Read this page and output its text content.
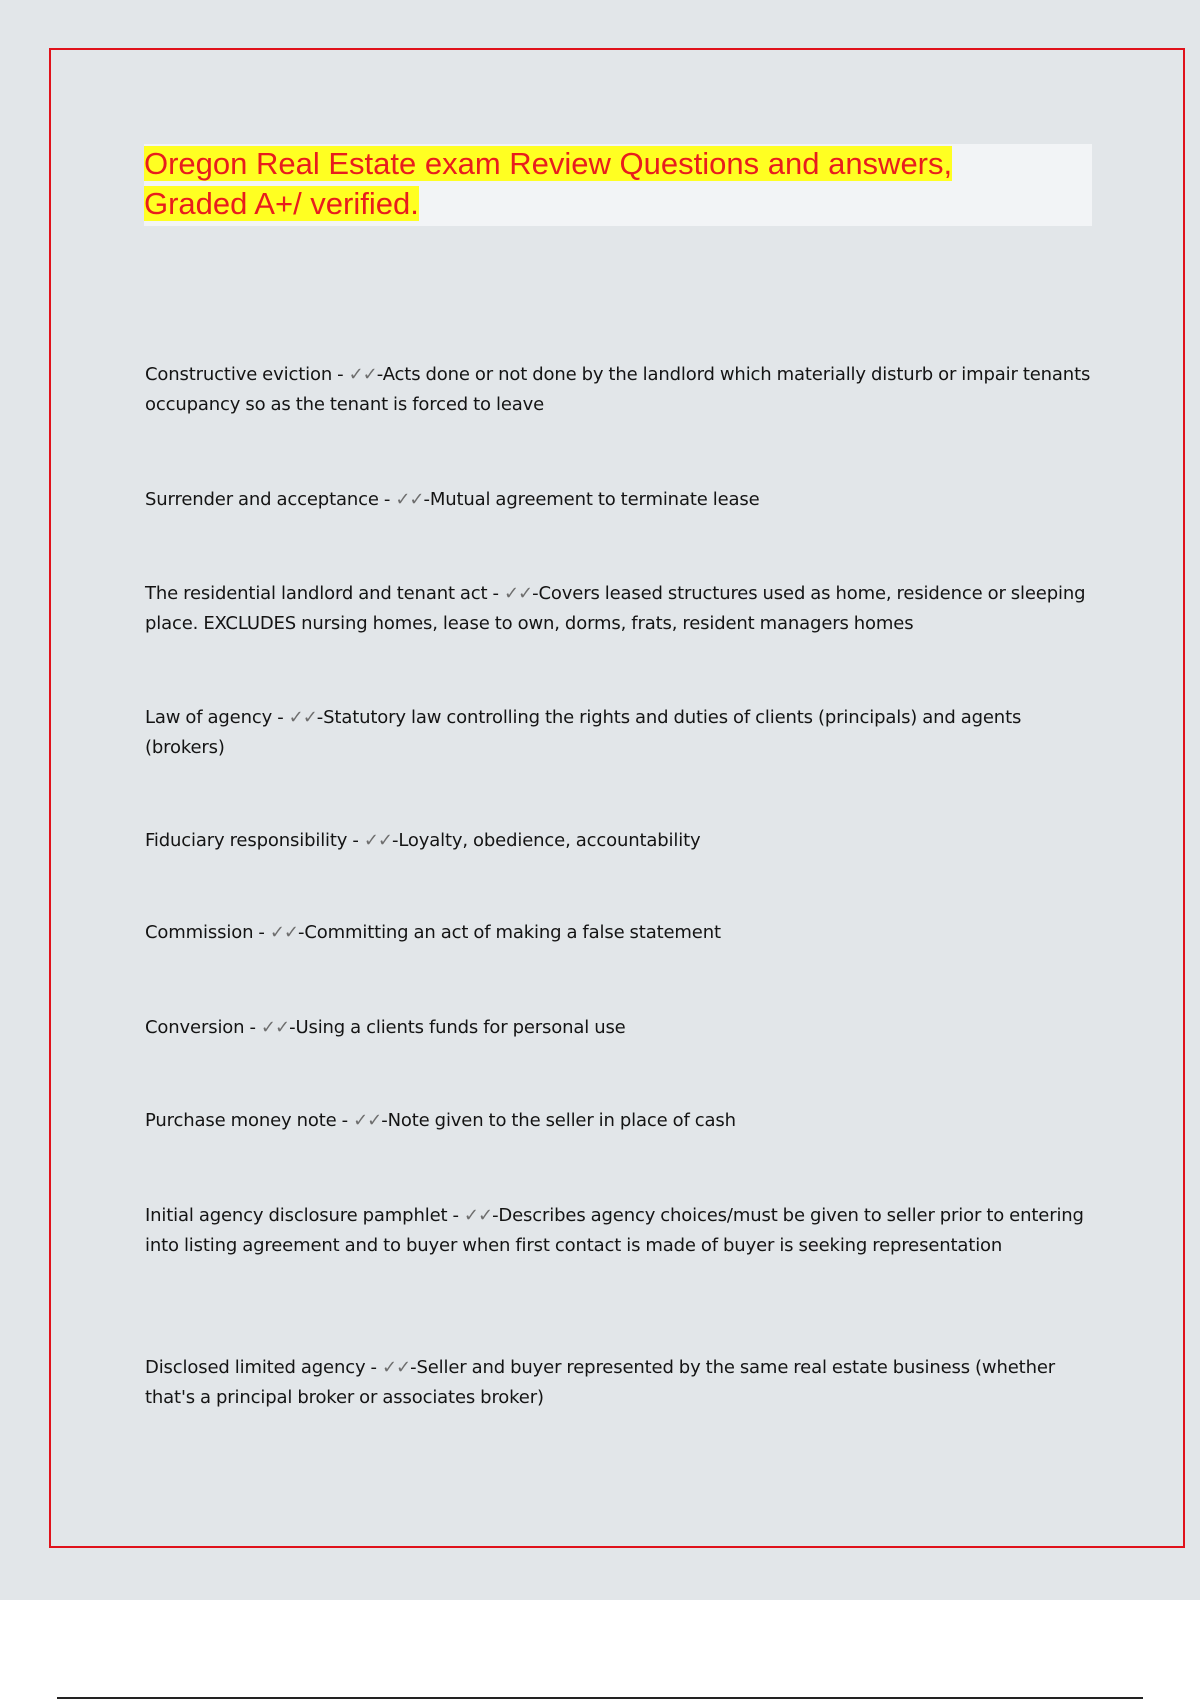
Oregon Real Estate exam Review Questions and answers, Graded A+/ verified.
Constructive eviction - ✓✓-Acts done or not done by the landlord which materially disturb or impair tenants occupancy so as the tenant is forced to leave
Surrender and acceptance - ✓✓-Mutual agreement to terminate lease
The residential landlord and tenant act - ✓✓-Covers leased structures used as home, residence or sleeping place. EXCLUDES nursing homes, lease to own, dorms, frats, resident managers homes
Law of agency - ✓✓-Statutory law controlling the rights and duties of clients (principals) and agents (brokers)
Fiduciary responsibility - ✓✓-Loyalty, obedience, accountability
Commission - ✓✓-Committing an act of making a false statement
Conversion - ✓✓-Using a clients funds for personal use
Purchase money note - ✓✓-Note given to the seller in place of cash
Initial agency disclosure pamphlet - ✓✓-Describes agency choices/must be given to seller prior to entering into listing agreement and to buyer when first contact is made of buyer is seeking representation
Disclosed limited agency - ✓✓-Seller and buyer represented by the same real estate business (whether that's a principal broker or associates broker)
